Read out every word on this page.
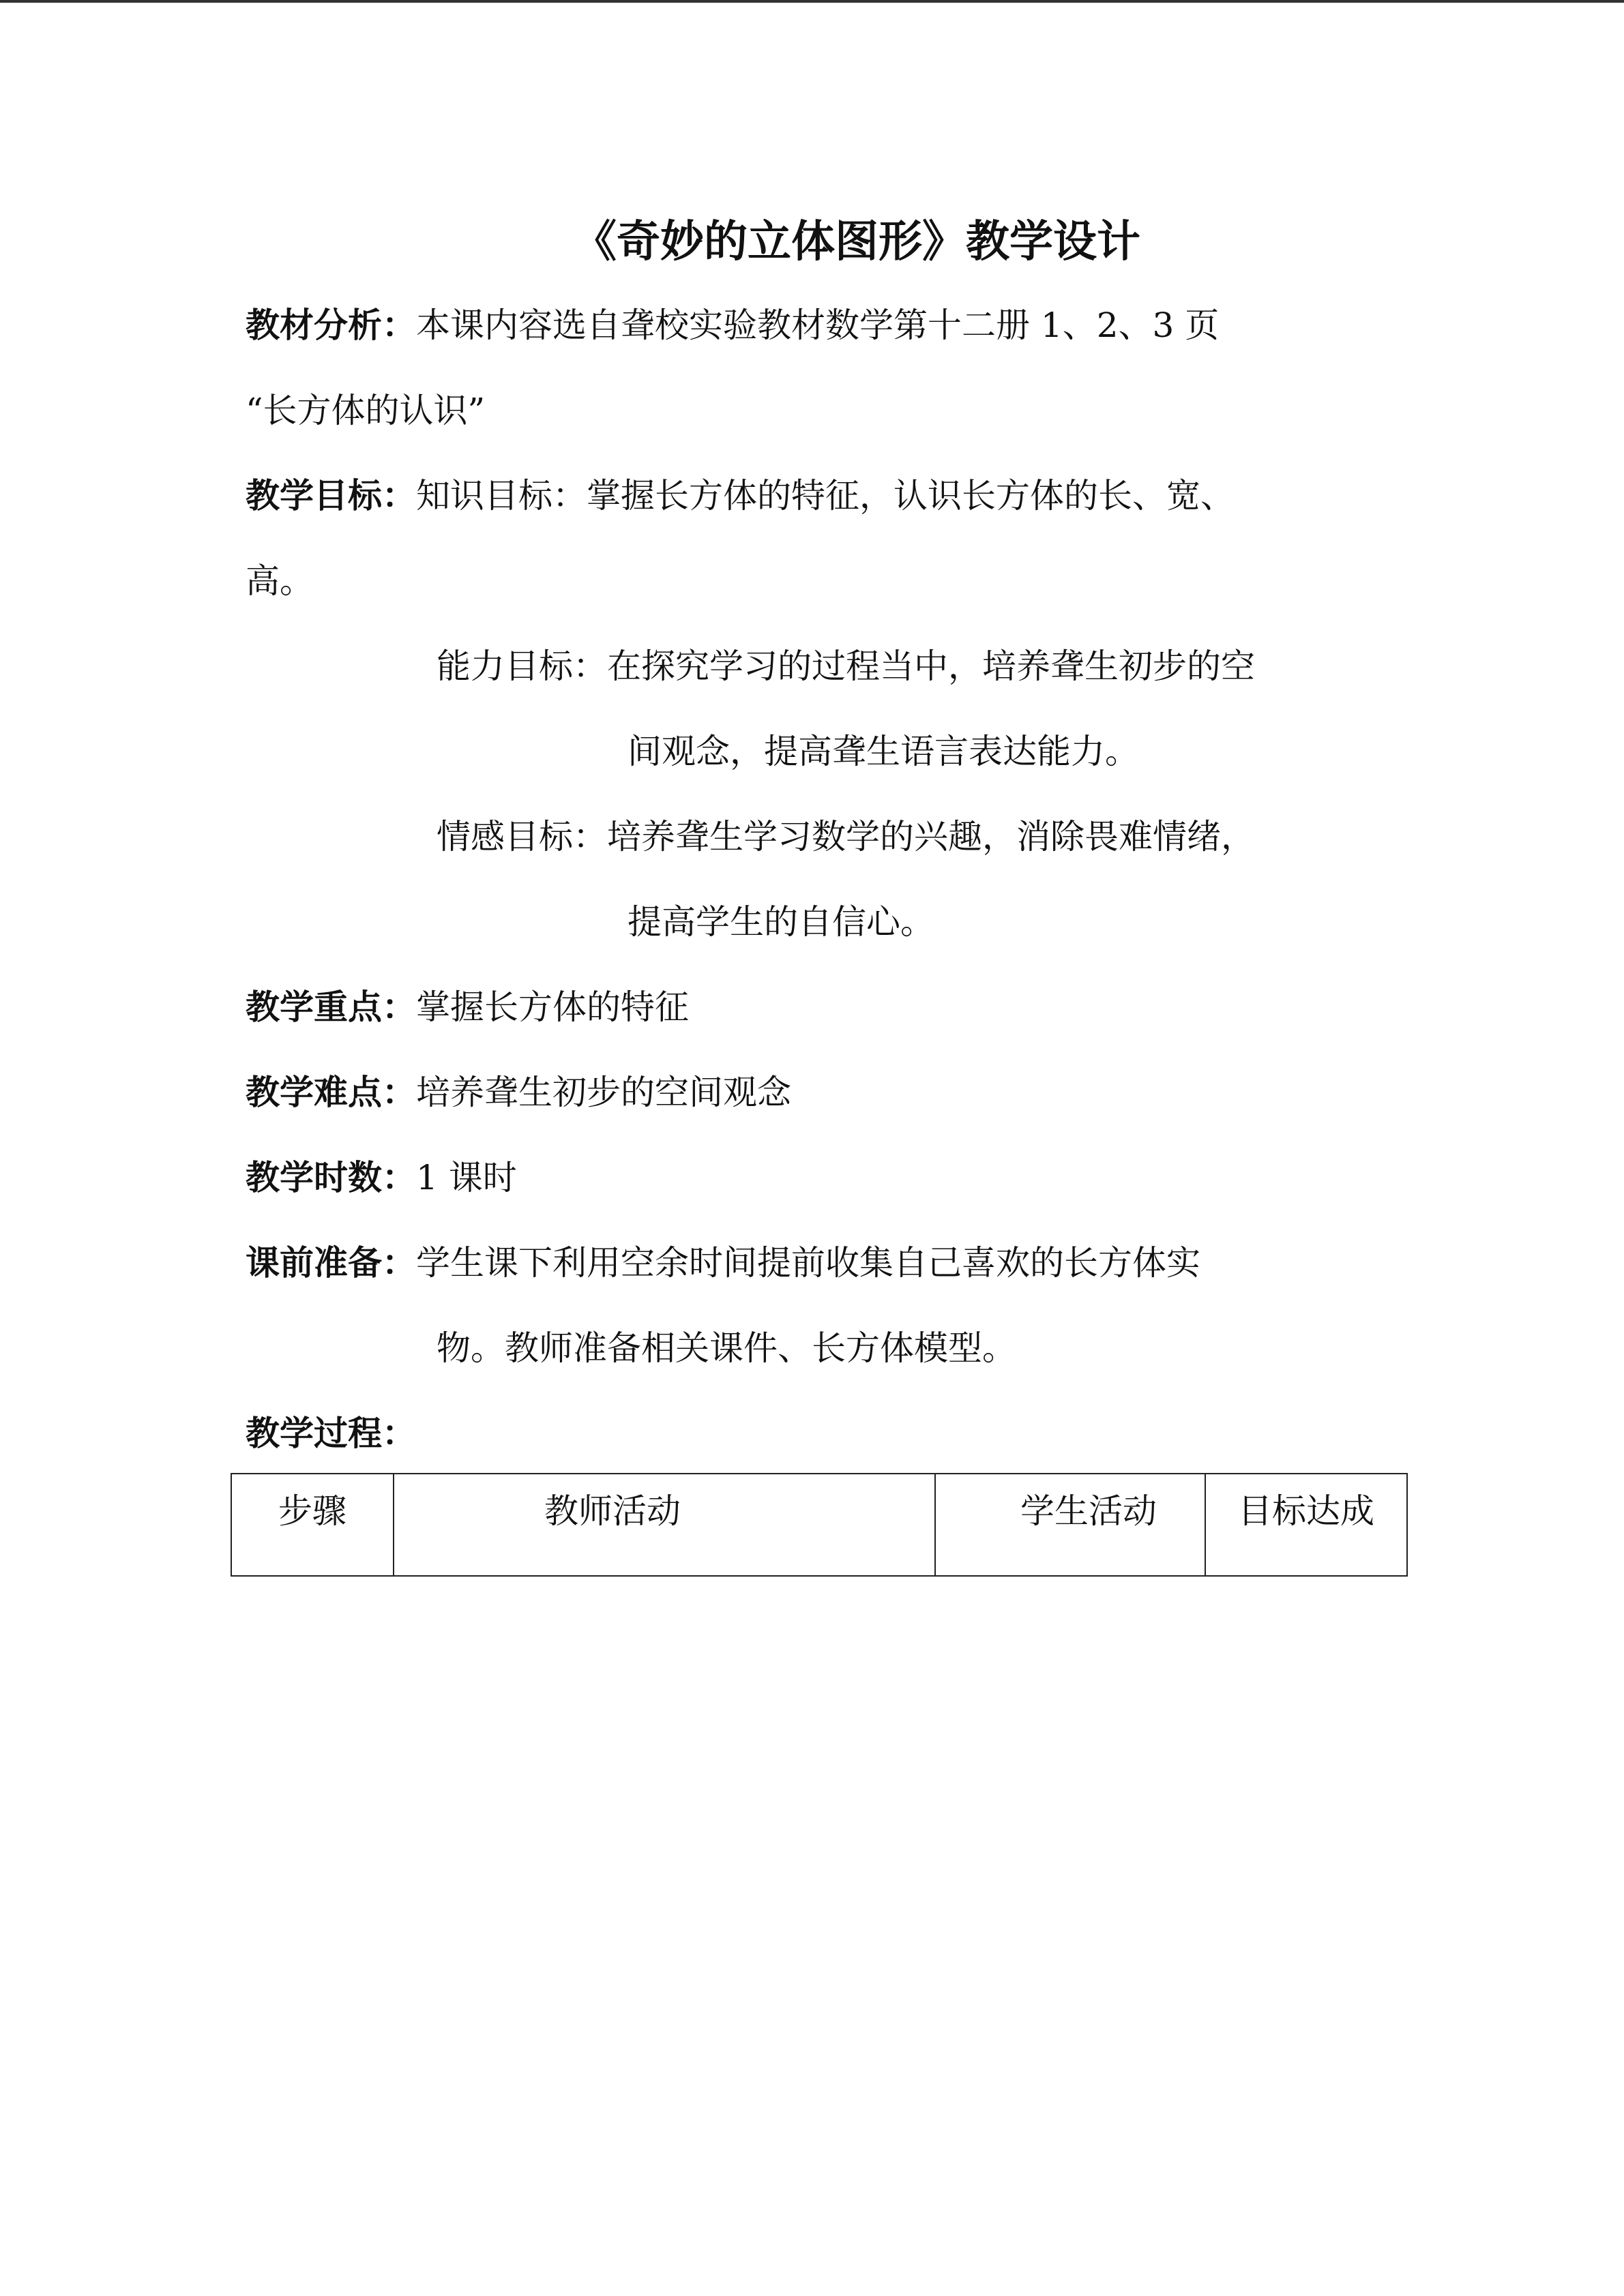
《奇妙的立体图形》教学设计
教材分析：本课内容选自聋校实验教材数学第十二册 1、2、3 页
“长方体的认识”
教学目标：知识目标：掌握长方体的特征，认识长方体的长、宽、
高。
能力目标：在探究学习的过程当中，培养聋生初步的空
间观念，提高聋生语言表达能力。
情感目标：培养聋生学习数学的兴趣，消除畏难情绪，
提高学生的自信心。
教学重点：掌握长方体的特征
教学难点：培养聋生初步的空间观念
教学时数：1 课时
课前准备：学生课下利用空余时间提前收集自己喜欢的长方体实
物。教师准备相关课件、长方体模型。
教学过程：
步骤	教师活动	学生活动	目标达成
